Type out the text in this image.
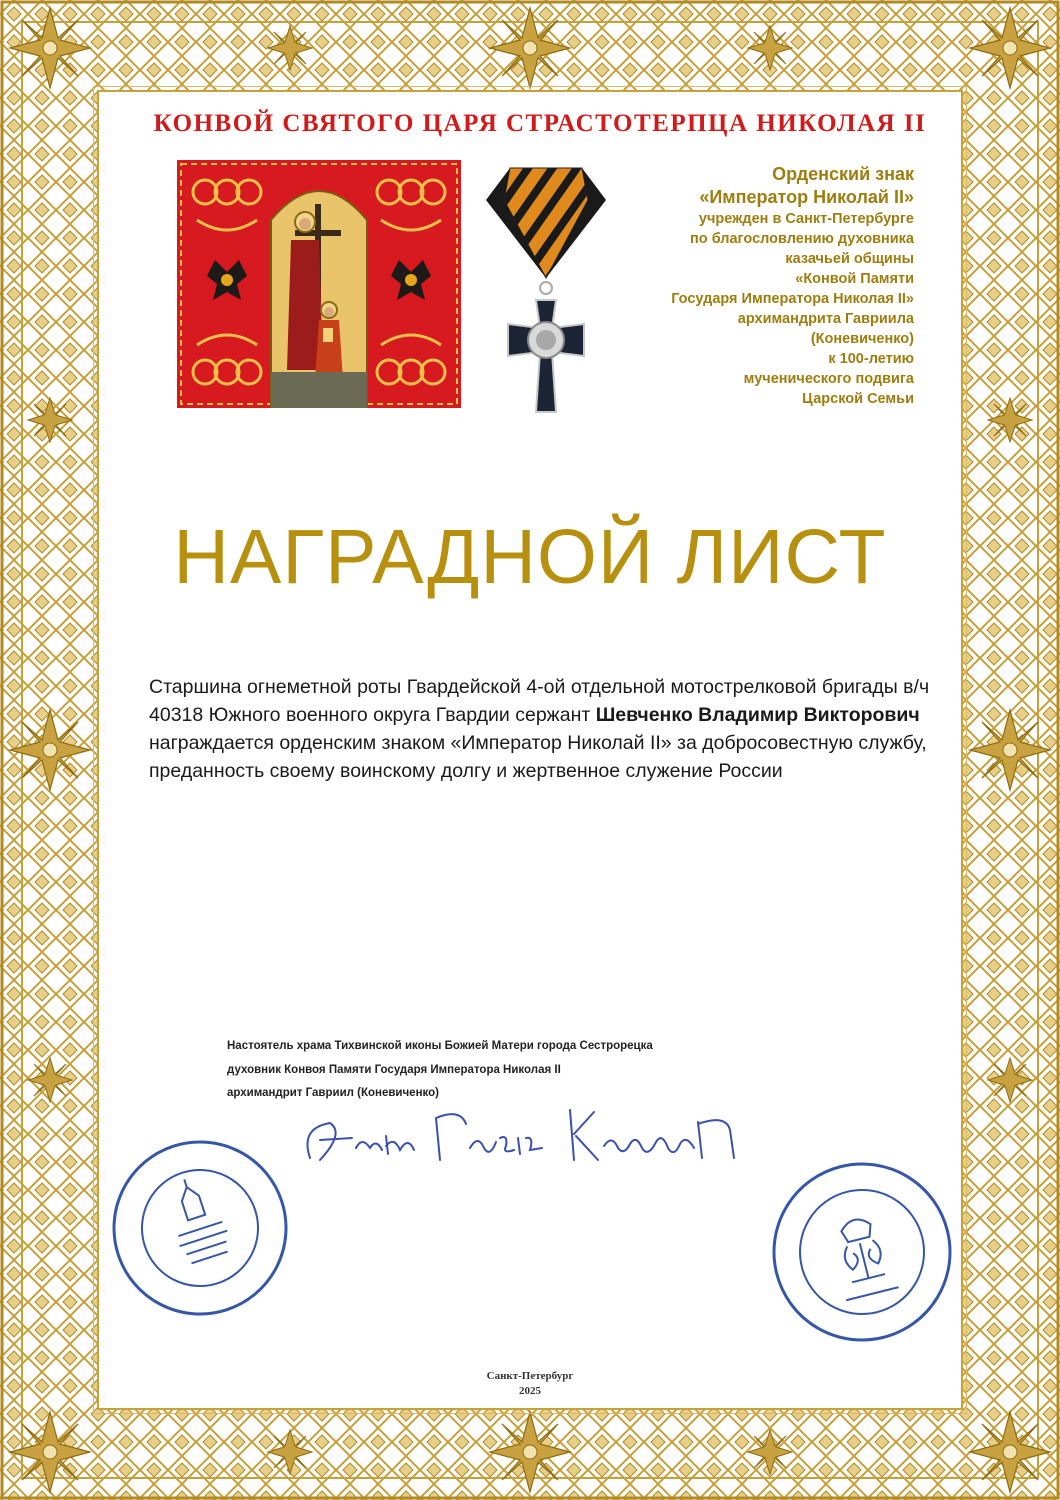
КОНВОЙ СВЯТОГО ЦАРЯ СТРАСТОТЕРПЦА НИКОЛАЯ II
Орденский знак
«Император Николай II»
учрежден в Санкт-Петербурге
по благословлению духовника
казачьей общины
«Конвой Памяти
Государя Императора Николая II»
архимандрита Гавриила
(Коневиченко)
к 100-летию
мученического подвига
Царской Семьи
НАГРАДНОЙ ЛИСТ
Старшина огнеметной роты Гвардейской 4-ой отдельной мотострелковой бригады в/ч 40318 Южного военного округа Гвардии сержант Шевченко Владимир Викторович награждается орденским знаком «Император Николай II» за добросовестную службу, преданность своему воинскому долгу и жертвенное служение России
Настоятель храма Тихвинской иконы Божией Матери города Сестрорецка
духовник Конвоя Памяти Государя Императора Николая II
архимандрит Гавриил (Коневиченко)
Санкт-Петербург
2025
